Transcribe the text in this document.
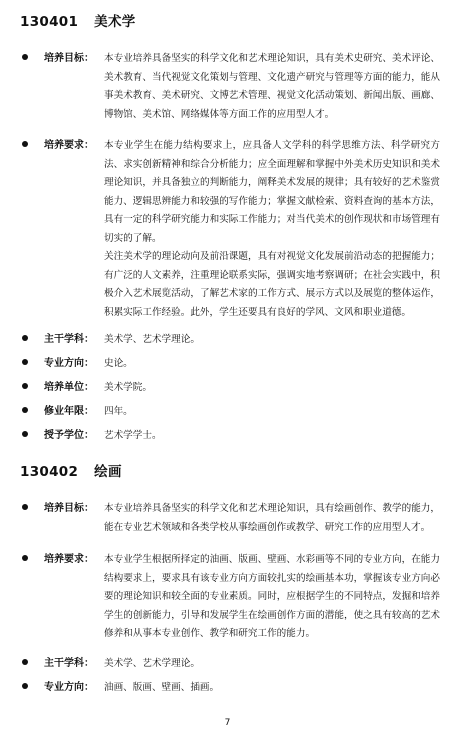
130401 美术学
培养目标： 本专业培养具备坚实的科学文化和艺术理论知识，具有美术史研究、美术评论、美术教育、当代视觉文化策划与管理、文化遗产研究与管理等方面的能力，能从事美术教育、美术研究、文博艺术管理、视觉文化活动策划、新闻出版、画廊、博物馆、美术馆、网络媒体等方面工作的应用型人才。

培养要求： 本专业学生在能力结构要求上，应具备人文学科的科学思维方法、科学研究方法、求实创新精神和综合分析能力；应全面理解和掌握中外美术历史知识和美术理论知识，并具备独立的判断能力，阐释美术发展的规律；具有较好的艺术鉴赏能力、逻辑思辨能力和较强的写作能力；掌握文献检索、资料查询的基本方法，具有一定的科学研究能力和实际工作能力；对当代美术的创作现状和市场管理有切实的了解。

关注美术学的理论动向及前沿课题，具有对视觉文化发展前沿动态的把握能力；有广泛的人文素养，注重理论联系实际，强调实地考察调研；在社会实践中，积极介入艺术展览活动，了解艺术家的工作方式、展示方式以及展览的整体运作，积累实际工作经验。此外，学生还要具有良好的学风、文风和职业道德。

主干学科： 美术学、艺术学理论。

专业方向： 史论。

培养单位： 美术学院。

修业年限： 四年。

授予学位： 艺术学学士。

130402 绘画
培养目标： 本专业培养具备坚实的科学文化和艺术理论知识，具有绘画创作、教学的能力，能在专业艺术领域和各类学校从事绘画创作或教学、研究工作的应用型人才。

培养要求： 本专业学生根据所择定的油画、版画、壁画、水彩画等不同的专业方向，在能力结构要求上，要求具有该专业方向方面较扎实的绘画基本功，掌握该专业方向必要的理论知识和较全面的专业素质。同时，应根据学生的不同特点，发掘和培养学生的创新能力，引导和发展学生在绘画创作方面的潜能，使之具有较高的艺术修养和从事本专业创作、教学和研究工作的能力。

主干学科： 美术学、艺术学理论。

专业方向： 油画、版画、壁画、插画。

7
